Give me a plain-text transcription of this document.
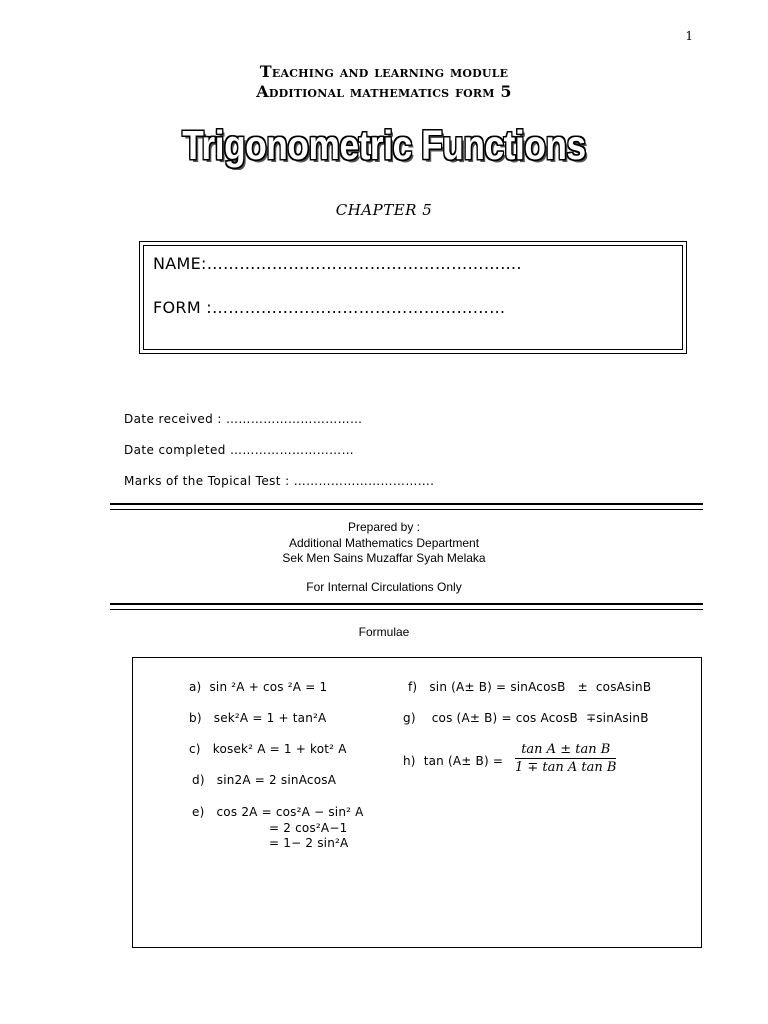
1
Teaching and learning module
Additional mathematics form 5
Trigonometric Functions
CHAPTER 5
NAME:………………………………………………….
FORM :………………………………………………
Date received : ……………………………
Date completed …………………………
Marks of the Topical Test : …………………………….
Prepared by :
Additional Mathematics Department
Sek Men Sains Muzaffar Syah Melaka
For Internal Circulations Only
Formulae
a)  sin ²A + cos ²A = 1
b)   sek²A = 1 + tan²A
c)   kosek² A = 1 + kot² A
d)   sin2A = 2 sinAcosA
e)   cos 2A = cos²A − sin² A
= 2 cos²A−1
= 1− 2 sin²A
f)   sin (A± B) = sinAcosB   ±  cosAsinB
g)    cos (A± B) = cos AcosB  ∓sinAsinB
h)  $\tan (A\pm B) = \frac{\text{tan A ± tan B}}{\text{1 ∓ tan A tan B}}$
